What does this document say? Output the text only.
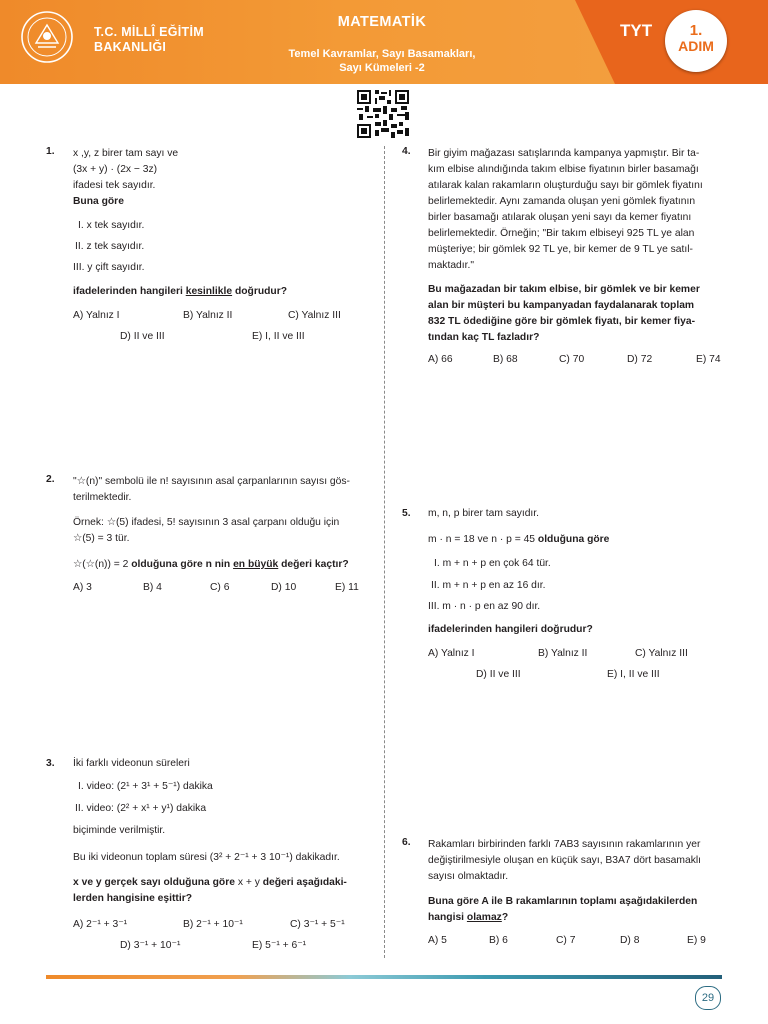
T.C. MİLLÎ EĞİTİM
BAKANLIĞI
MATEMATİK
Temel Kavramlar, Sayı Basamakları,
Sayı Kümeleri -2
TYT	1.
ADIM
1. x ,y, z birer tam sayı ve

(3x + y) · (2x − 3z)

ifadesi tek sayıdır.

Buna göre
I. x tek sayıdır.
II. z tek sayıdır.
III. y çift sayıdır.
ifadelerinden hangileri kesinlikle doğrudur?
A) Yalnız I	B) Yalnız II	C) Yalnız III
D) II ve III	E) I, II ve III
2. "☆(n)" sembolü ile n! sayısının asal çarpanlarının sayısı gös-

terilmektedir.

Örnek: ☆(5) ifadesi, 5! sayısının 3 asal çarpanı olduğu için

☆(5) = 3 tür.

☆(☆(n)) = 2 olduğuna göre n nin en büyük değeri kaçtır?
A) 3	B) 4	C) 6	D) 10	E) 11
3. İki farklı videonun süreleri
I. video: (2¹ + 3¹ + 5⁻¹) dakika
II. video: (2² + x¹ + y¹) dakika
biçiminde verilmiştir.
Bu iki videonun toplam süresi (3² + 2⁻¹ + 3 10⁻¹) dakikadır.
x ve y gerçek sayı olduğuna göre x + y değeri aşağıdaki-
lerden hangisine eşittir?
A) 2⁻¹ + 3⁻¹	B) 2⁻¹ + 10⁻¹	C) 3⁻¹ + 5⁻¹
D) 3⁻¹ + 10⁻¹	E) 5⁻¹ + 6⁻¹
4. Bir giyim mağazası satışlarında kampanya yapmıştır. Bir ta-

kım elbise alındığında takım elbise fiyatının birler basamağı

atılarak kalan rakamların oluşturduğu sayı bir gömlek fiyatını

belirlemektedir. Aynı zamanda oluşan yeni gömlek fiyatının

birler basamağı atılarak oluşan yeni sayı da kemer fiyatını

belirlemektedir. Örneğin; "Bir takım elbiseyi 925 TL ye alan

müşteriye; bir gömlek 92 TL ye, bir kemer de 9 TL ye satıl-

maktadır."

Bu mağazadan bir takım elbise, bir gömlek ve bir kemer

alan bir müşteri bu kampanyadan faydalanarak toplam

832 TL ödediğine göre bir gömlek fiyatı, bir kemer fiya-

tından kaç TL fazladır?

A) 66	B) 68	C) 70	D) 72	E) 74
5. m, n, p birer tam sayıdır.
m · n = 18 ve n · p = 45 olduğuna göre
I. m + n + p en çok 64 tür.
II. m + n + p en az 16 dır.
III. m · n · p en az 90 dır.
ifadelerinden hangileri doğrudur?
A) Yalnız I	B) Yalnız II	C) Yalnız III
D) II ve III	E) I, II ve III
6. Rakamları birbirinden farklı 7AB3 sayısının rakamlarının yer

değiştirilmesiyle oluşan en küçük sayı, B3A7 dört basamaklı

sayısı olmaktadır.

Buna göre A ile B rakamlarının toplamı aşağıdakilerden

hangisi olamaz?

A) 5	B) 6	C) 7	D) 8	E) 9
29
